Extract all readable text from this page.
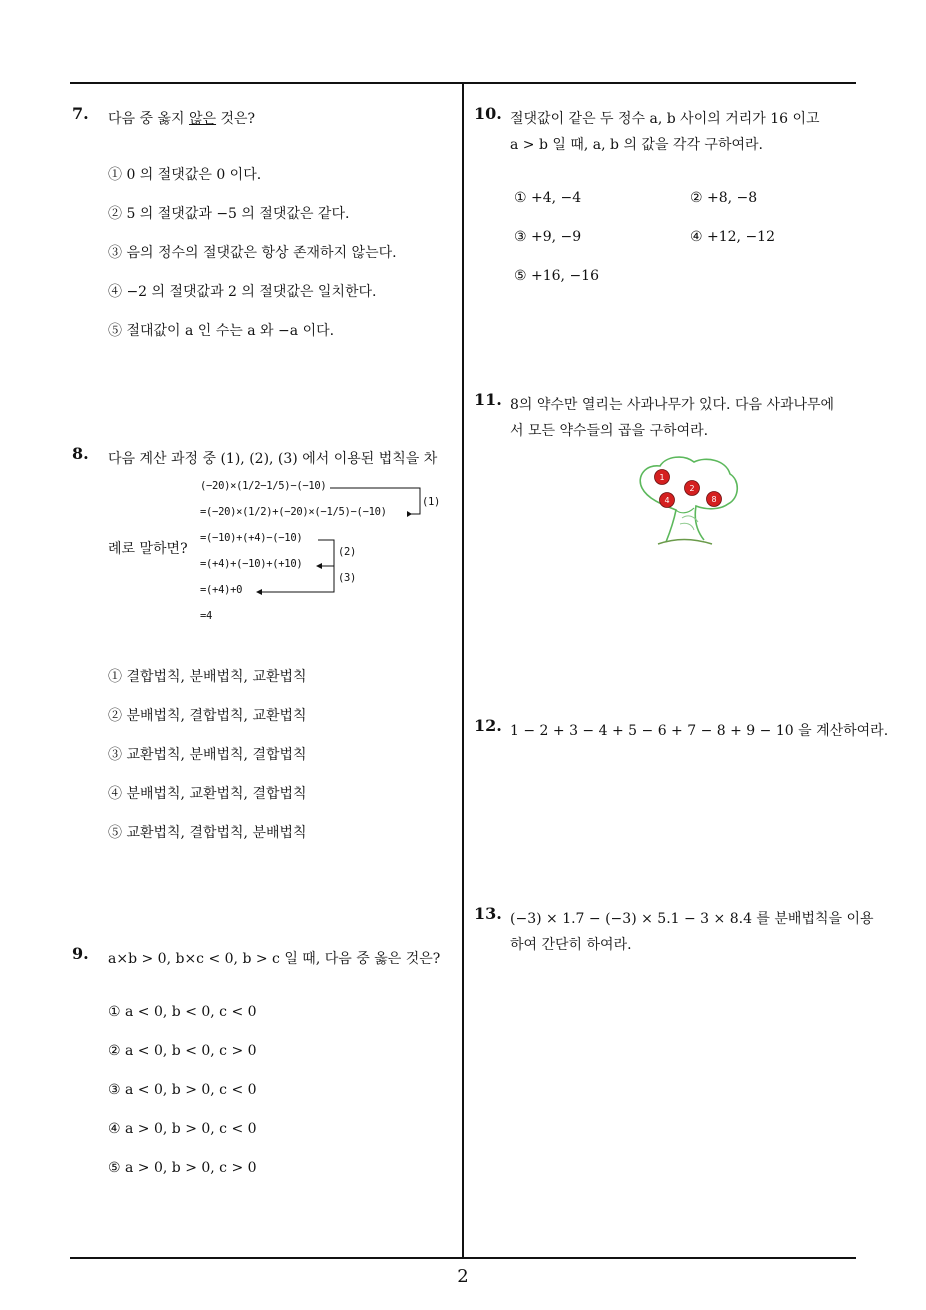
7. 다음 중 옳지 않은 것은?
① 0 의 절댓값은 0 이다.
② 5 의 절댓값과 −5 의 절댓값은 같다.
③ 음의 정수의 절댓값은 항상 존재하지 않는다.
④ −2 의 절댓값과 2 의 절댓값은 일치한다.
⑤ 절대값이 a 인 수는 a 와 −a 이다.
8. 다음 계산 과정 중 (1), (2), (3) 에서 이용된 법칙을 차
례로 말하면?
(−20)×(1/2−1/5)−(−10)
=(−20)×(1/2)+(−20)×(−1/5)−(−10)
=(−10)+(+4)−(−10)
=(+4)+(−10)+(+10)
=(+4)+0
=4
(1)
(2)
(3)
① 결합법칙, 분배법칙, 교환법칙
② 분배법칙, 결합법칙, 교환법칙
③ 교환법칙, 분배법칙, 결합법칙
④ 분배법칙, 교환법칙, 결합법칙
⑤ 교환법칙, 결합법칙, 분배법칙
9. a×b > 0, b×c < 0, b > c 일 때, 다음 중 옳은 것은?
① a < 0, b < 0, c < 0
② a < 0, b < 0, c > 0
③ a < 0, b > 0, c < 0
④ a > 0, b > 0, c < 0
⑤ a > 0, b > 0, c > 0
10. 절댓값이 같은 두 정수 a, b 사이의 거리가 16 이고
a > b 일 때, a, b 의 값을 각각 구하여라.
① +4, −4	② +8, −8
③ +9, −9	④ +12, −12
⑤ +16, −16
11. 8의 약수만 열리는 사과나무가 있다. 다음 사과나무에
서 모든 약수들의 곱을 구하여라.
1
2
4	8
12. 1 − 2 + 3 − 4 + 5 − 6 + 7 − 8 + 9 − 10 을 계산하여라.
13. (−3) × 1.7 − (−3) × 5.1 − 3 × 8.4 를 분배법칙을 이용
하여 간단히 하여라.
2
